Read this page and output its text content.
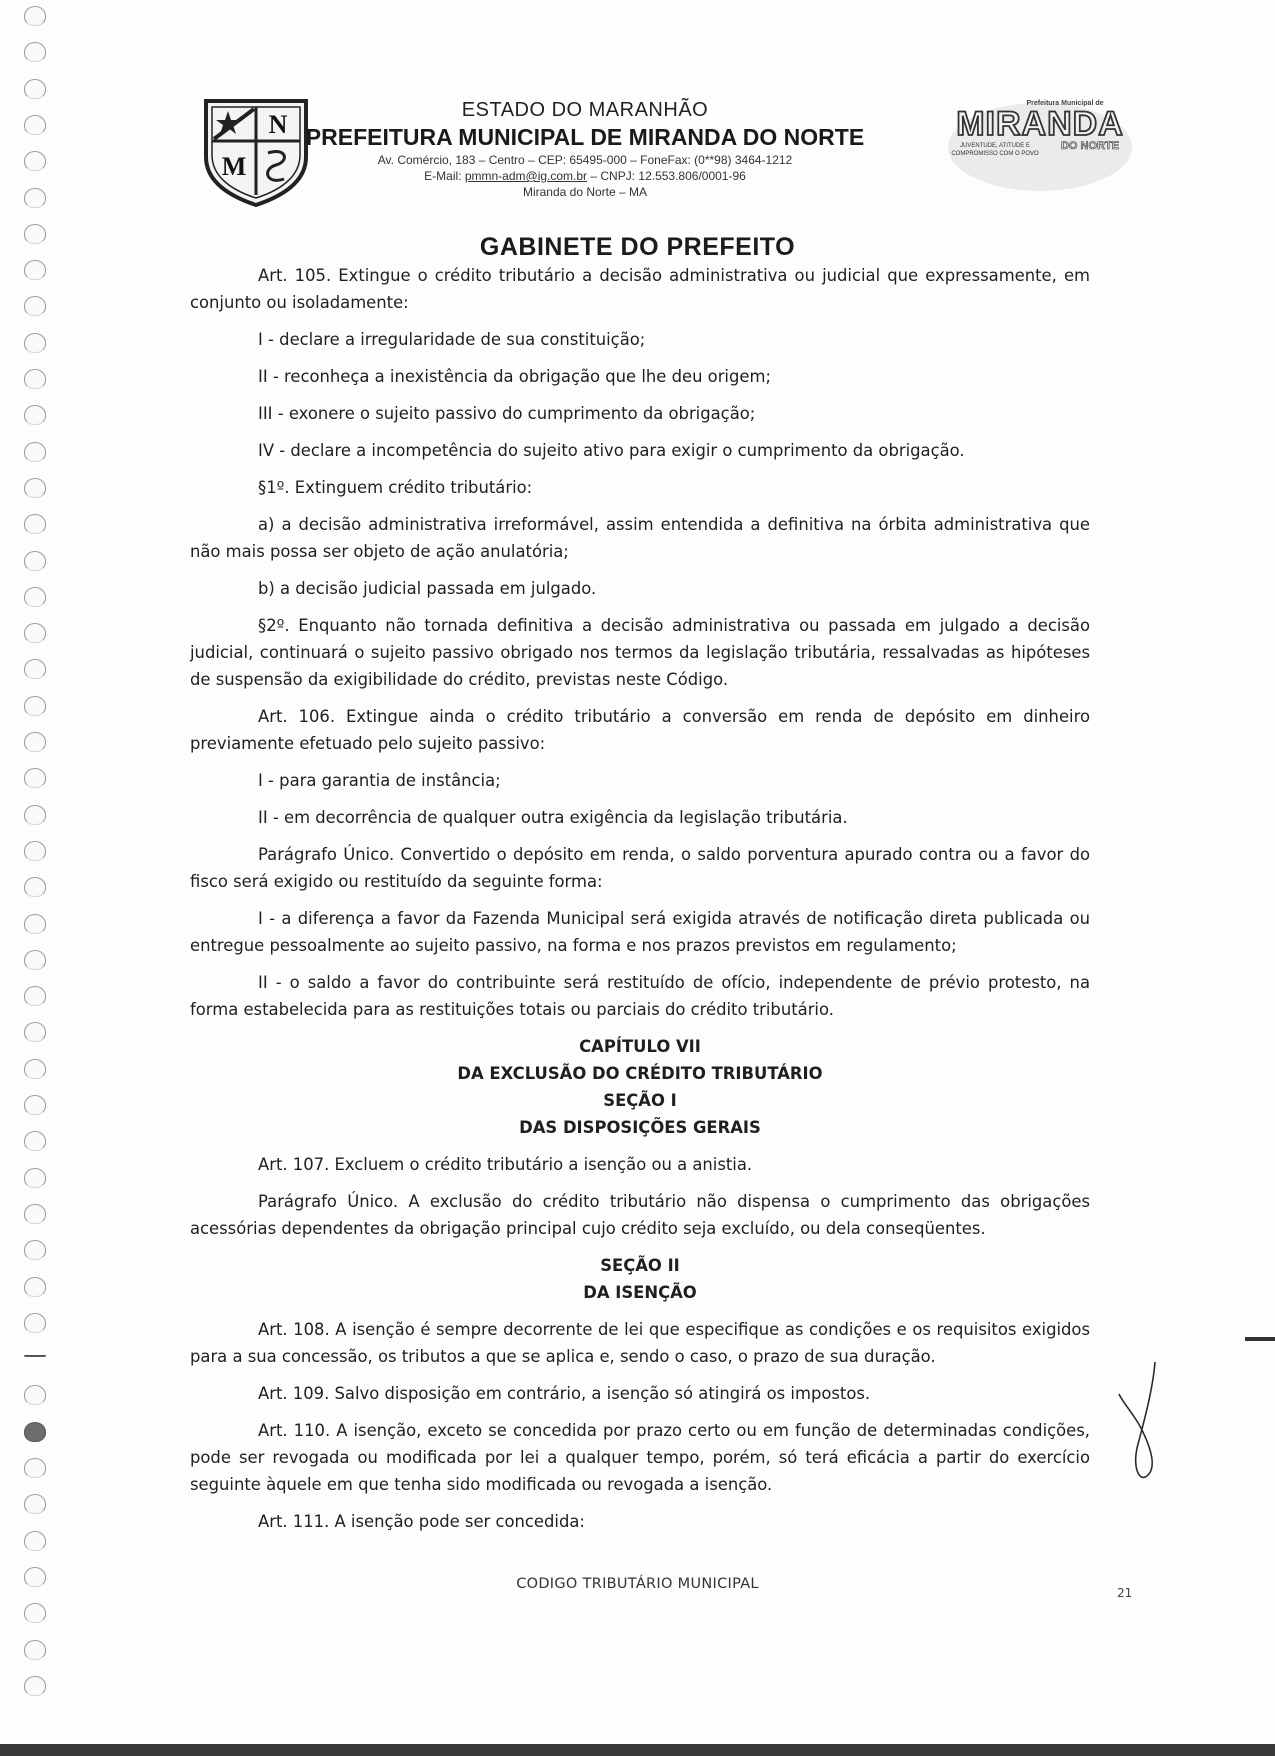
N
M
ESTADO DO MARANHÃO
PREFEITURA MUNICIPAL DE MIRANDA DO NORTE
Av. Comércio, 183 – Centro – CEP: 65495-000 – FoneFax: (0**98) 3464-1212
E-Mail: pmmn-adm@ig.com.br – CNPJ: 12.553.806/0001-96
Miranda do Norte – MA
Prefeitura Municipal de
MIRANDA
DO NORTE
JUVENTUDE, ATITUDE E
COMPROMISSO COM O POVO
GABINETE DO PREFEITO

Art. 105. Extingue o crédito tributário a decisão administrativa ou judicial que expressamente, em conjunto ou isoladamente:

I - declare a irregularidade de sua constituição;

II - reconheça a inexistência da obrigação que lhe deu origem;

III - exonere o sujeito passivo do cumprimento da obrigação;

IV - declare a incompetência do sujeito ativo para exigir o cumprimento da obrigação.

§1º. Extinguem crédito tributário:

a) a decisão administrativa irreformável, assim entendida a definitiva na órbita administrativa que não mais possa ser objeto de ação anulatória;

b) a decisão judicial passada em julgado.

§2º. Enquanto não tornada definitiva a decisão administrativa ou passada em julgado a decisão judicial, continuará o sujeito passivo obrigado nos termos da legislação tributária, ressalvadas as hipóteses de suspensão da exigibilidade do crédito, previstas neste Código.

Art. 106. Extingue ainda o crédito tributário a conversão em renda de depósito em dinheiro previamente efetuado pelo sujeito passivo:

I - para garantia de instância;

II - em decorrência de qualquer outra exigência da legislação tributária.

Parágrafo Único. Convertido o depósito em renda, o saldo porventura apurado contra ou a favor do fisco será exigido ou restituído da seguinte forma:

I - a diferença a favor da Fazenda Municipal será exigida através de notificação direta publicada ou entregue pessoalmente ao sujeito passivo, na forma e nos prazos previstos em regulamento;

II - o saldo a favor do contribuinte será restituído de ofício, independente de prévio protesto, na forma estabelecida para as restituições totais ou parciais do crédito tributário.

CAPÍTULO VII

DA EXCLUSÃO DO CRÉDITO TRIBUTÁRIO

SEÇÃO I

DAS DISPOSIÇÕES GERAIS

Art. 107. Excluem o crédito tributário a isenção ou a anistia.

Parágrafo Único. A exclusão do crédito tributário não dispensa o cumprimento das obrigações acessórias dependentes da obrigação principal cujo crédito seja excluído, ou dela conseqüentes.

SEÇÃO II

DA ISENÇÃO

Art. 108. A isenção é sempre decorrente de lei que especifique as condições e os requisitos exigidos para a sua concessão, os tributos a que se aplica e, sendo o caso, o prazo de sua duração.

Art. 109. Salvo disposição em contrário, a isenção só atingirá os impostos.

Art. 110. A isenção, exceto se concedida por prazo certo ou em função de determinadas condições, pode ser revogada ou modificada por lei a qualquer tempo, porém, só terá eficácia a partir do exercício seguinte àquele em que tenha sido modificada ou revogada a isenção.

Art. 111. A isenção pode ser concedida:

CODIGO TRIBUTÁRIO MUNICIPAL
21
